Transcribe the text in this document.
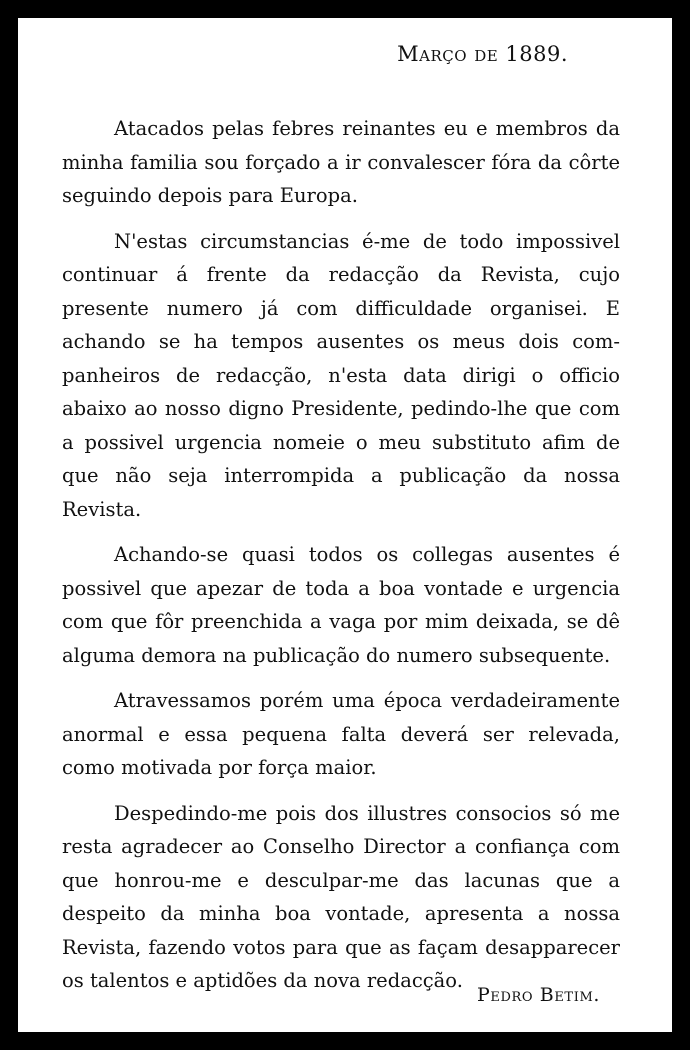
Março de 1889.

Atacados pelas febres reinantes eu e membros da minha familia sou forçado a ir convalescer fóra da côrte seguindo depois para Europa.

N'estas circumstancias é-me de todo impossivel continuar á frente da redacção da Revista, cujo presente numero já com difficuldade organisei. E achando se ha tempos ausentes os meus dois companheiros de redacção, n'esta data dirigi o officio abaixo ao nosso digno Presidente, pedindo-lhe que com a possivel urgencia nomeie o meu substituto afim de que não seja interrompida a publicação da nossa Revista.

Achando-se quasi todos os collegas ausentes é possivel que apezar de toda a boa vontade e urgencia com que fôr preenchida a vaga por mim deixada, se dê alguma demora na publicação do numero subsequente.

Atravessamos porém uma época verdadeiramente anormal e essa pequena falta deverá ser relevada, como motivada por força maior.

Despedindo-me pois dos illustres consocios só me resta agradecer ao Conselho Director a confiança com que honrou-me e desculpar-me das lacunas que a despeito da minha boa vontade, apresenta a nossa Revista, fazendo votos para que as façam desapparecer os talentos e aptidões da nova redacção.

Pedro Betim.
